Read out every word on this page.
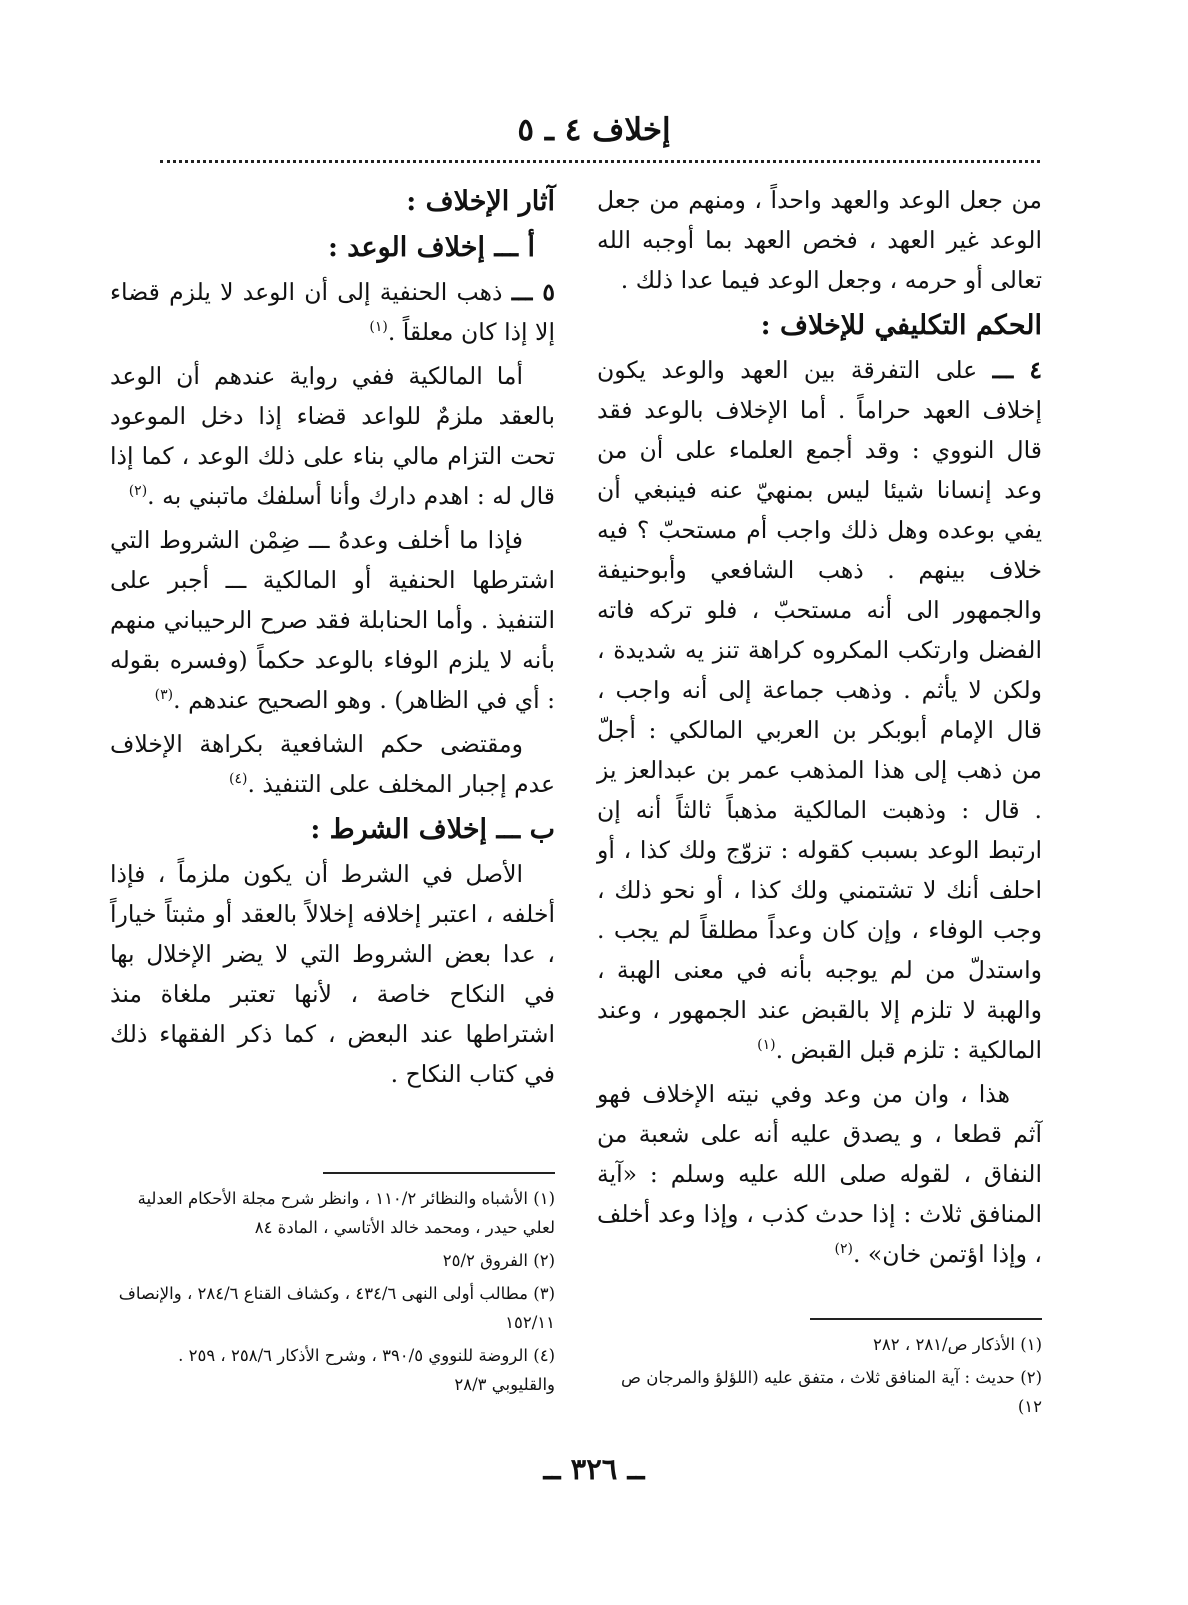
إخلاف ٤ ـ ٥

من جعل الوعد والعهد واحداً ، ومنهم من جعل الوعد غير العهد ، فخص العهد بما أوجبه الله تعالى أو حرمه ، وجعل الوعد فيما عدا ذلك .

الحكم التكليفي للإخلاف :

٤ ـــ على التفرقة بين العهد والوعد يكون إخلاف العهد حراماً . أما الإخلاف بالوعد فقد قال النووي : وقد أجمع العلماء على أن من وعد إنسانا شيئا ليس بمنهيّ عنه فينبغي أن يفي بوعده وهل ذلك واجب أم مستحبّ ؟ فيه خلاف بينهم . ذهب الشافعي وأبوحنيفة والجمهور الى أنه مستحبّ ، فلو تركه فاته الفضل وارتكب المكروه كراهة تنز يه شديدة ، ولكن لا يأثم . وذهب جماعة إلى أنه واجب ، قال الإمام أبوبكر بن العربي المالكي : أجلّ من ذهب إلى هذا المذهب عمر بن عبدالعز يز . قال : وذهبت المالكية مذهباً ثالثاً أنه إن ارتبط الوعد بسبب كقوله : تزوّج ولك كذا ، أو احلف أنك لا تشتمني ولك كذا ، أو نحو ذلك ، وجب الوفاء ، وإن كان وعداً مطلقاً لم يجب . واستدلّ من لم يوجبه بأنه في معنى الهبة ، والهبة لا تلزم إلا بالقبض عند الجمهور ، وعند المالكية : تلزم قبل القبض .$^{(١)}$

هذا ، وان من وعد وفي نيته الإخلاف فهو آثم قطعا ، و يصدق عليه أنه على شعبة من النفاق ، لقوله صلى الله عليه وسلم : «آية المنافق ثلاث : إذا حدث كذب ، وإذا وعد أخلف ، وإذا اؤتمن خان» .$^{(٢)}$

آثار الإخلاف :
أ ـــ إخلاف الوعد :

٥ ـــ ذهب الحنفية إلى أن الوعد لا يلزم قضاء إلا إذا كان معلقاً .$^{(١)}$

أما المالكية ففي رواية عندهم أن الوعد بالعقد ملزمٌ للواعد قضاء إذا دخل الموعود تحت التزام مالي بناء على ذلك الوعد ، كما إذا قال له : اهدم دارك وأنا أسلفك ماتبني به .$^{(٢)}$

فإذا ما أخلف وعدهُ ـــ ضِمْن الشروط التي اشترطها الحنفية أو المالكية ـــ أجبر على التنفيذ . وأما الحنابلة فقد صرح الرحيباني منهم بأنه لا يلزم الوفاء بالوعد حكماً (وفسره بقوله : أي في الظاهر) . وهو الصحيح عندهم .$^{(٣)}$

ومقتضى حكم الشافعية بكراهة الإخلاف عدم إجبار المخلف على التنفيذ .$^{(٤)}$

ب ـــ إخلاف الشرط :

الأصل في الشرط أن يكون ملزماً ، فإذا أخلفه ، اعتبر إخلافه إخلالاً بالعقد أو مثبتاً خياراً ، عدا بعض الشروط التي لا يضر الإخلال بها في النكاح خاصة ، لأنها تعتبر ملغاة منذ اشتراطها عند البعض ، كما ذكر الفقهاء ذلك في كتاب النكاح .

(١) الأشباه والنظائر ١١٠/٢ ، وانظر شرح مجلة الأحكام العدلية لعلي حيدر ، ومحمد خالد الأتاسي ، المادة ٨٤

(٢) الفروق ٢٥/٢

(٣) مطالب أولى النهى ٤٣٤/٦ ، وكشاف القناع ٢٨٤/٦ ، والإنصاف ١٥٢/١١

(٤) الروضة للنووي ٣٩٠/٥ ، وشرح الأذكار ٢٥٨/٦ ، ٢٥٩ . والقليوبي ٢٨/٣

(١) الأذكار ص/٢٨١ ، ٢٨٢

(٢) حديث : آية المنافق ثلاث ، متفق عليه (اللؤلؤ والمرجان ص ١٢)

ــ ٣٢٦ ــ
